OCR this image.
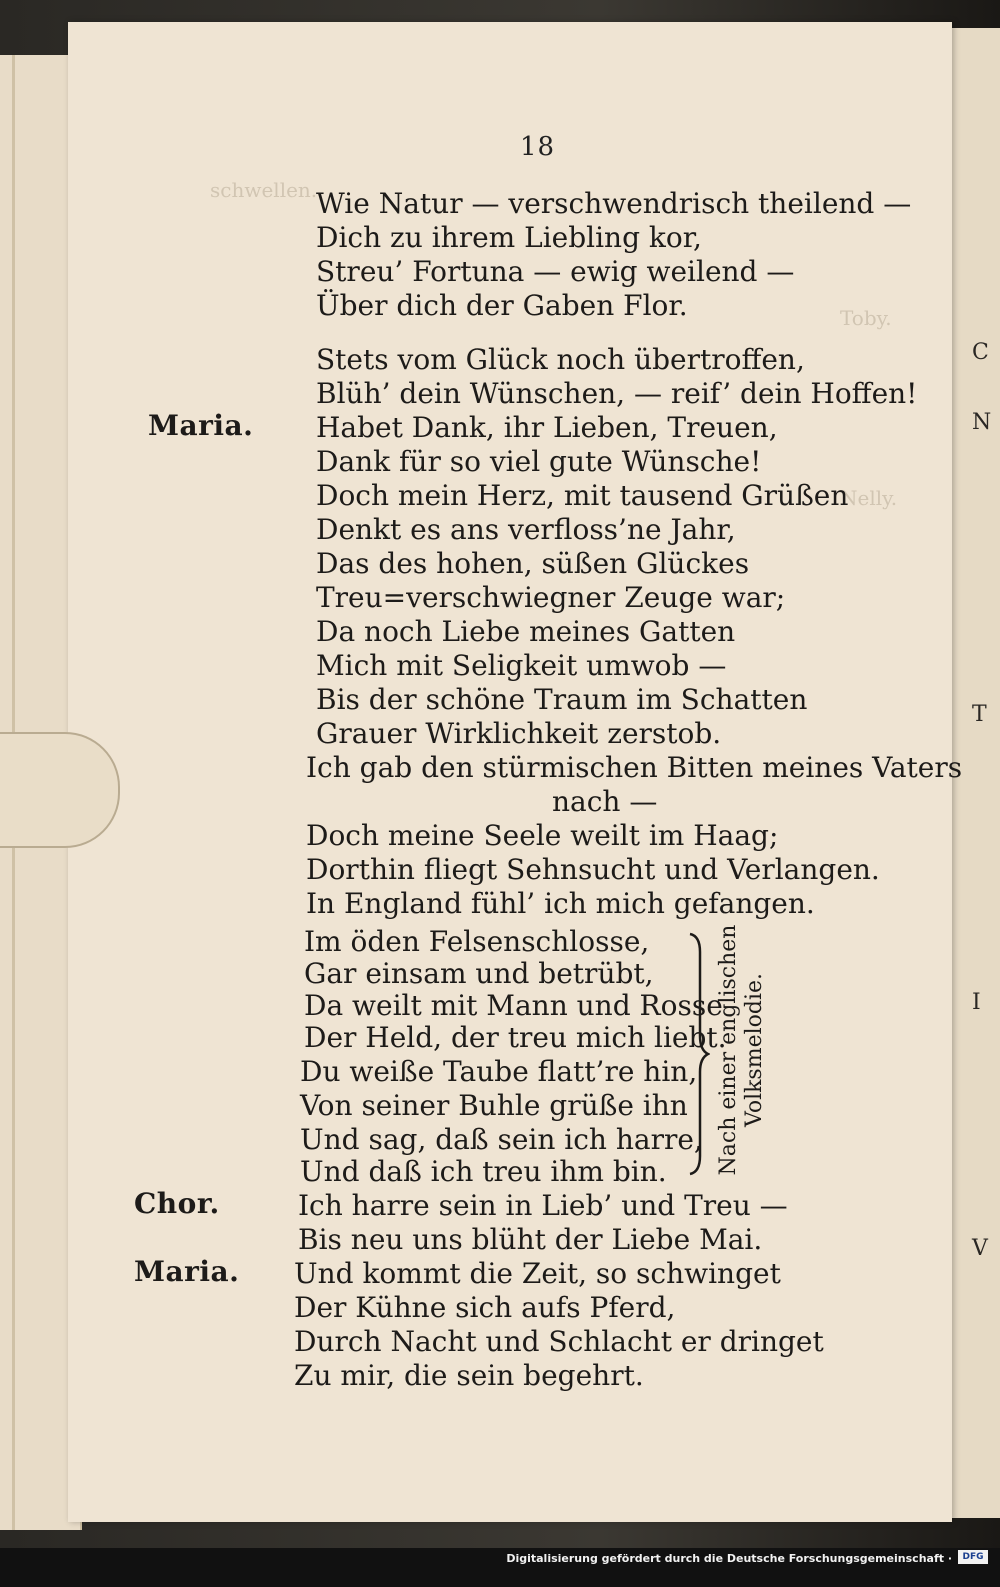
schwellen.
Toby.
Nelly.
18
Maria.
Chor.
Maria.
Wie Natur — verschwendrisch theilend —
Dich zu ihrem Liebling kor,
Streu’ Fortuna — ewig weilend —
Über dich der Gaben Flor.
Stets vom Glück noch übertroffen,
Blüh’ dein Wünschen, — reif’ dein Hoffen!
Habet Dank, ihr Lieben, Treuen,
Dank für so viel gute Wünsche!
Doch mein Herz, mit tausend Grüßen
Denkt es ans verfloss’ne Jahr,
Das des hohen, süßen Glückes
Treu=verschwiegner Zeuge war;
Da noch Liebe meines Gatten
Mich mit Seligkeit umwob —
Bis der schöne Traum im Schatten
Grauer Wirklichkeit zerstob.
Ich gab den stürmischen Bitten meines Vaters
nach —
Doch meine Seele weilt im Haag;
Dorthin fliegt Sehnsucht und Verlangen.
In England fühl’ ich mich gefangen.
Im öden Felsenschlosse,
Gar einsam und betrübt,
Da weilt mit Mann und Rosse
Der Held, der treu mich liebt.
Du weiße Taube flatt’re hin,
Von seiner Buhle grüße ihn
Und sag, daß sein ich harre,
Und daß ich treu ihm bin.
Ich harre sein in Lieb’ und Treu —
Bis neu uns blüht der Liebe Mai.
Und kommt die Zeit, so schwinget
Der Kühne sich aufs Pferd,
Durch Nacht und Schlacht er dringet
Zu mir, die sein begehrt.
Nach einer englischen Volksmelodie.
C
N
T
I
V
Digitalisierung gefördert durch die Deutsche Forschungsgemeinschaft ·	DFG
